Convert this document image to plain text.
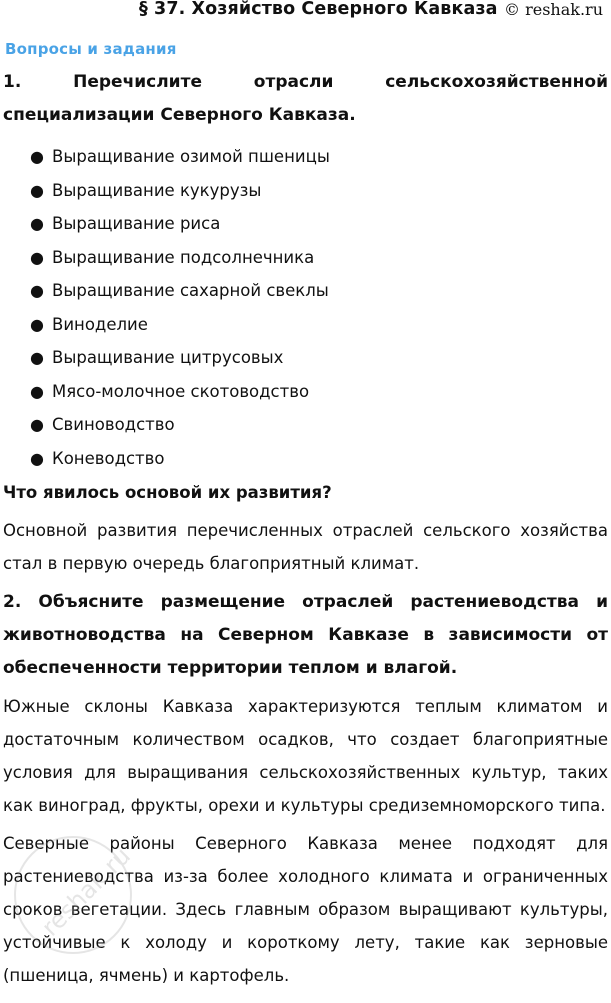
§ 37. Хозяйство Северного Кавказа © reshak.ru
Вопросы и задания
1. Перечислите отрасли сельскохозяйственной специализации Северного Кавказа.
● Выращивание озимой пшеницы
● Выращивание кукурузы
● Выращивание риса
● Выращивание подсолнечника
● Выращивание сахарной свеклы
● Виноделие
● Выращивание цитрусовых
● Мясо-молочное скотоводство
● Свиноводство
● Коневодство
Что явилось основой их развития?
Основной развития перечисленных отраслей сельского хозяйства стал в первую очередь благоприятный климат.
2. Объясните размещение отраслей растениеводства и животноводства на Северном Кавказе в зависимости от обеспеченности территории теплом и влагой.
Южные склоны Кавказа характеризуются теплым климатом и достаточным количеством осадков, что создает благоприятные условия для выращивания сельскохозяйственных культур, таких как виноград, фрукты, орехи и культуры средиземноморского типа.
Северные районы Северного Кавказа менее подходят для растениеводства из-за более холодного климата и ограниченных сроков вегетации. Здесь главным образом выращивают культуры, устойчивые к холоду и короткому лету, такие как зерновые (пшеница, ячмень) и картофель.
reshak.ru
